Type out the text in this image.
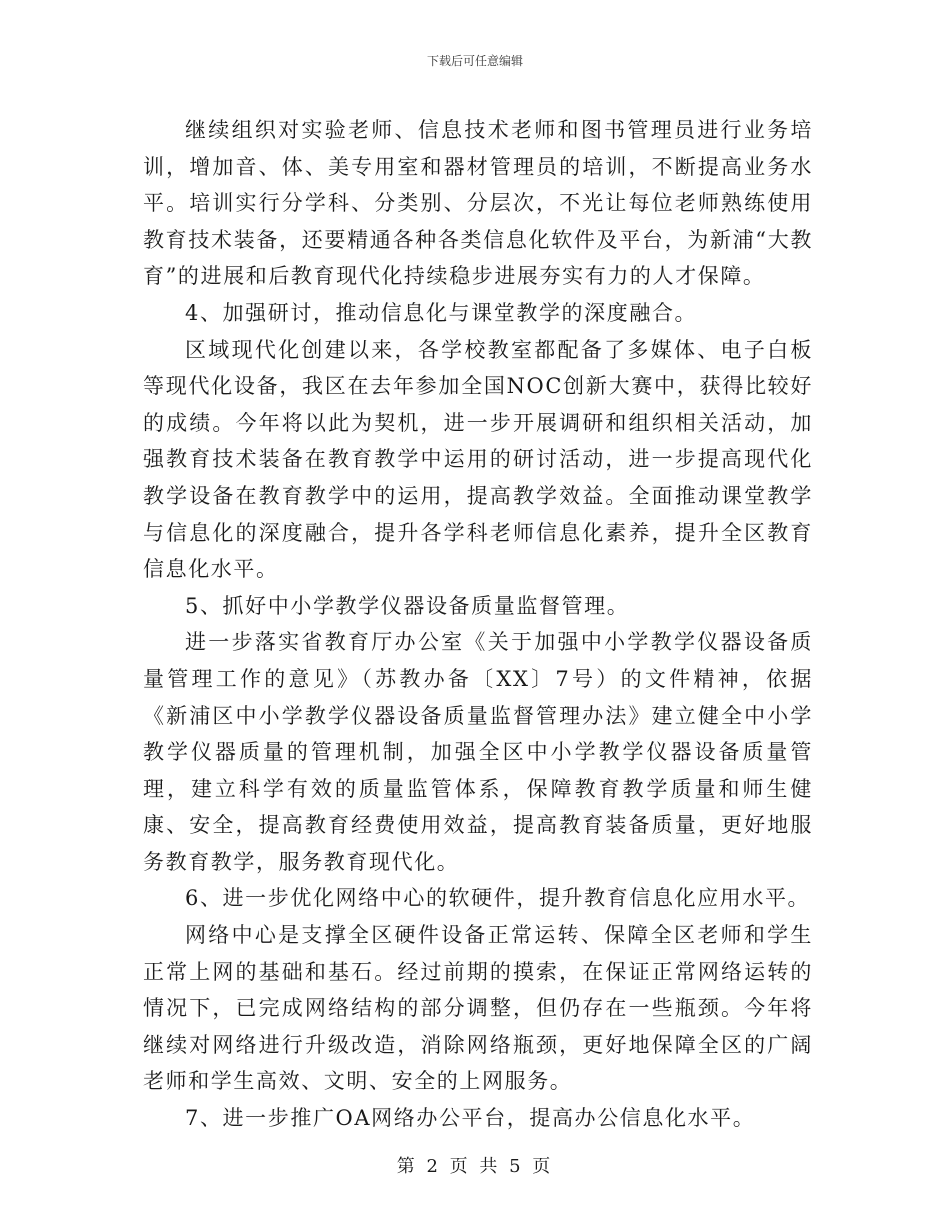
下载后可任意编辑

继续组织对实验老师、信息技术老师和图书管理员进行业务培训，增加音、体、美专用室和器材管理员的培训，不断提高业务水平。培训实行分学科、分类别、分层次，不光让每位老师熟练使用教育技术装备，还要精通各种各类信息化软件及平台，为新浦“大教育”的进展和后教育现代化持续稳步进展夯实有力的人才保障。

4、加强研讨，推动信息化与课堂教学的深度融合。

区域现代化创建以来，各学校教室都配备了多媒体、电子白板等现代化设备，我区在去年参加全国NOC创新大赛中，获得比较好的成绩。今年将以此为契机，进一步开展调研和组织相关活动，加强教育技术装备在教育教学中运用的研讨活动，进一步提高现代化教学设备在教育教学中的运用，提高教学效益。全面推动课堂教学与信息化的深度融合，提升各学科老师信息化素养，提升全区教育信息化水平。

5、抓好中小学教学仪器设备质量监督管理。

进一步落实省教育厅办公室《关于加强中小学教学仪器设备质量管理工作的意见》（苏教办备〔XX〕7号）的文件精神，依据《新浦区中小学教学仪器设备质量监督管理办法》建立健全中小学教学仪器质量的管理机制，加强全区中小学教学仪器设备质量管理，建立科学有效的质量监管体系，保障教育教学质量和师生健康、安全，提高教育经费使用效益，提高教育装备质量，更好地服务教育教学，服务教育现代化。

6、进一步优化网络中心的软硬件，提升教育信息化应用水平。

网络中心是支撑全区硬件设备正常运转、保障全区老师和学生正常上网的基础和基石。经过前期的摸索，在保证正常网络运转的情况下，已完成网络结构的部分调整，但仍存在一些瓶颈。今年将继续对网络进行升级改造，消除网络瓶颈，更好地保障全区的广阔老师和学生高效、文明、安全的上网服务。

7、进一步推广OA网络办公平台，提高办公信息化水平。

第 2 页 共 5 页
